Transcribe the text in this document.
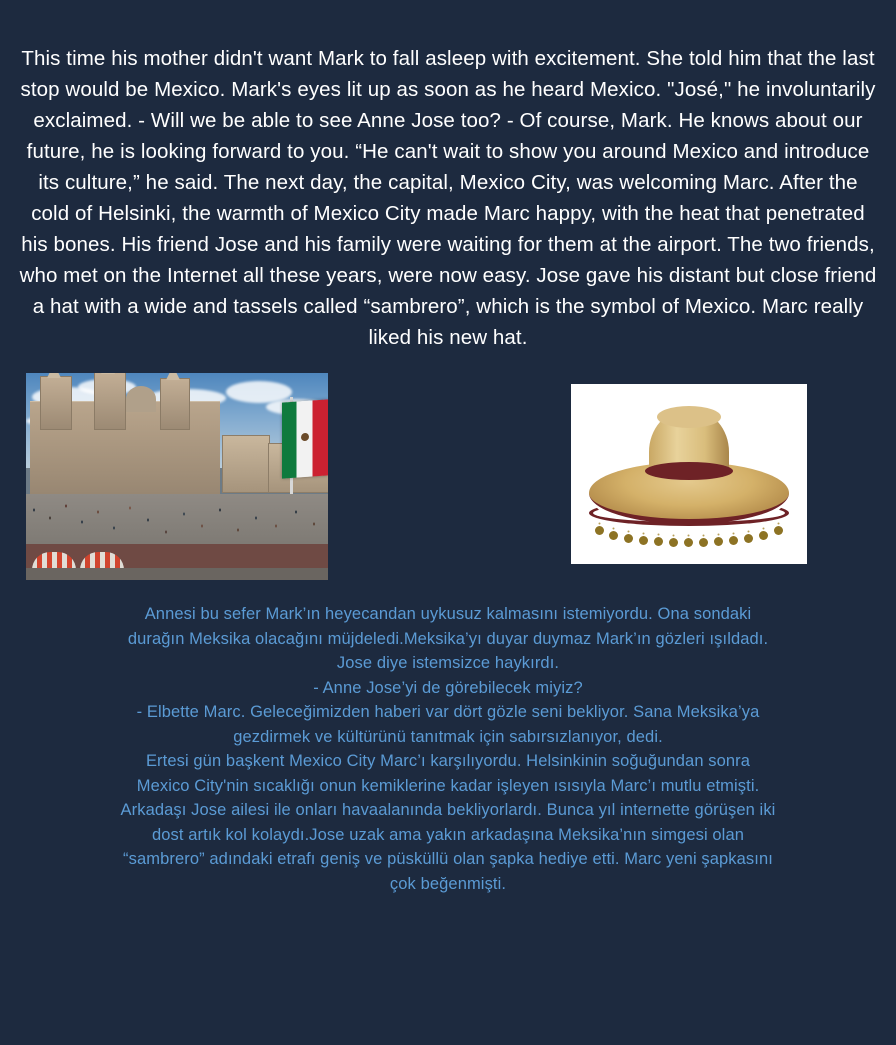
This time his mother didn't want Mark to fall asleep with excitement. She told him that the last stop would be Mexico. Mark's eyes lit up as soon as he heard Mexico. "José," he involuntarily exclaimed. - Will we be able to see Anne Jose too? - Of course, Mark. He knows about our future, he is looking forward to you. “He can't wait to show you around Mexico and introduce its culture,” he said. The next day, the capital, Mexico City, was welcoming Marc. After the cold of Helsinki, the warmth of Mexico City made Marc happy, with the heat that penetrated his bones. His friend Jose and his family were waiting for them at the airport. The two friends, who met on the Internet all these years, were now easy. Jose gave his distant but close friend a hat with a wide and tassels called “sambrero”, which is the symbol of Mexico. Marc really liked his new hat.

Annesi bu sefer Mark’ın heyecandan uykusuz kalmasını istemiyordu. Ona sondaki
durağın Meksika olacağını müjdeledi.Meksika’yı duyar duymaz Mark’ın gözleri ışıldadı.
Jose diye istemsizce haykırdı.
- Anne Jose’yi de görebilecek miyiz?
- Elbette Marc. Geleceğimizden haberi var dört gözle seni bekliyor. Sana Meksika’ya
gezdirmek ve kültürünü tanıtmak için sabırsızlanıyor, dedi.
Ertesi gün başkent Mexico City Marc’ı karşılıyordu. Helsinkinin soğuğundan sonra
Mexico City'nin sıcaklığı onun kemiklerine kadar işleyen ısısıyla Marc’ı mutlu etmişti.
Arkadaşı Jose ailesi ile onları havaalanında bekliyorlardı. Bunca yıl internette görüşen iki
dost artık kol kolaydı.Jose uzak ama yakın arkadaşına Meksika’nın simgesi olan
“sambrero” adındaki etrafı geniş ve püsküllü olan şapka hediye etti. Marc yeni şapkasını
çok beğenmişti.
